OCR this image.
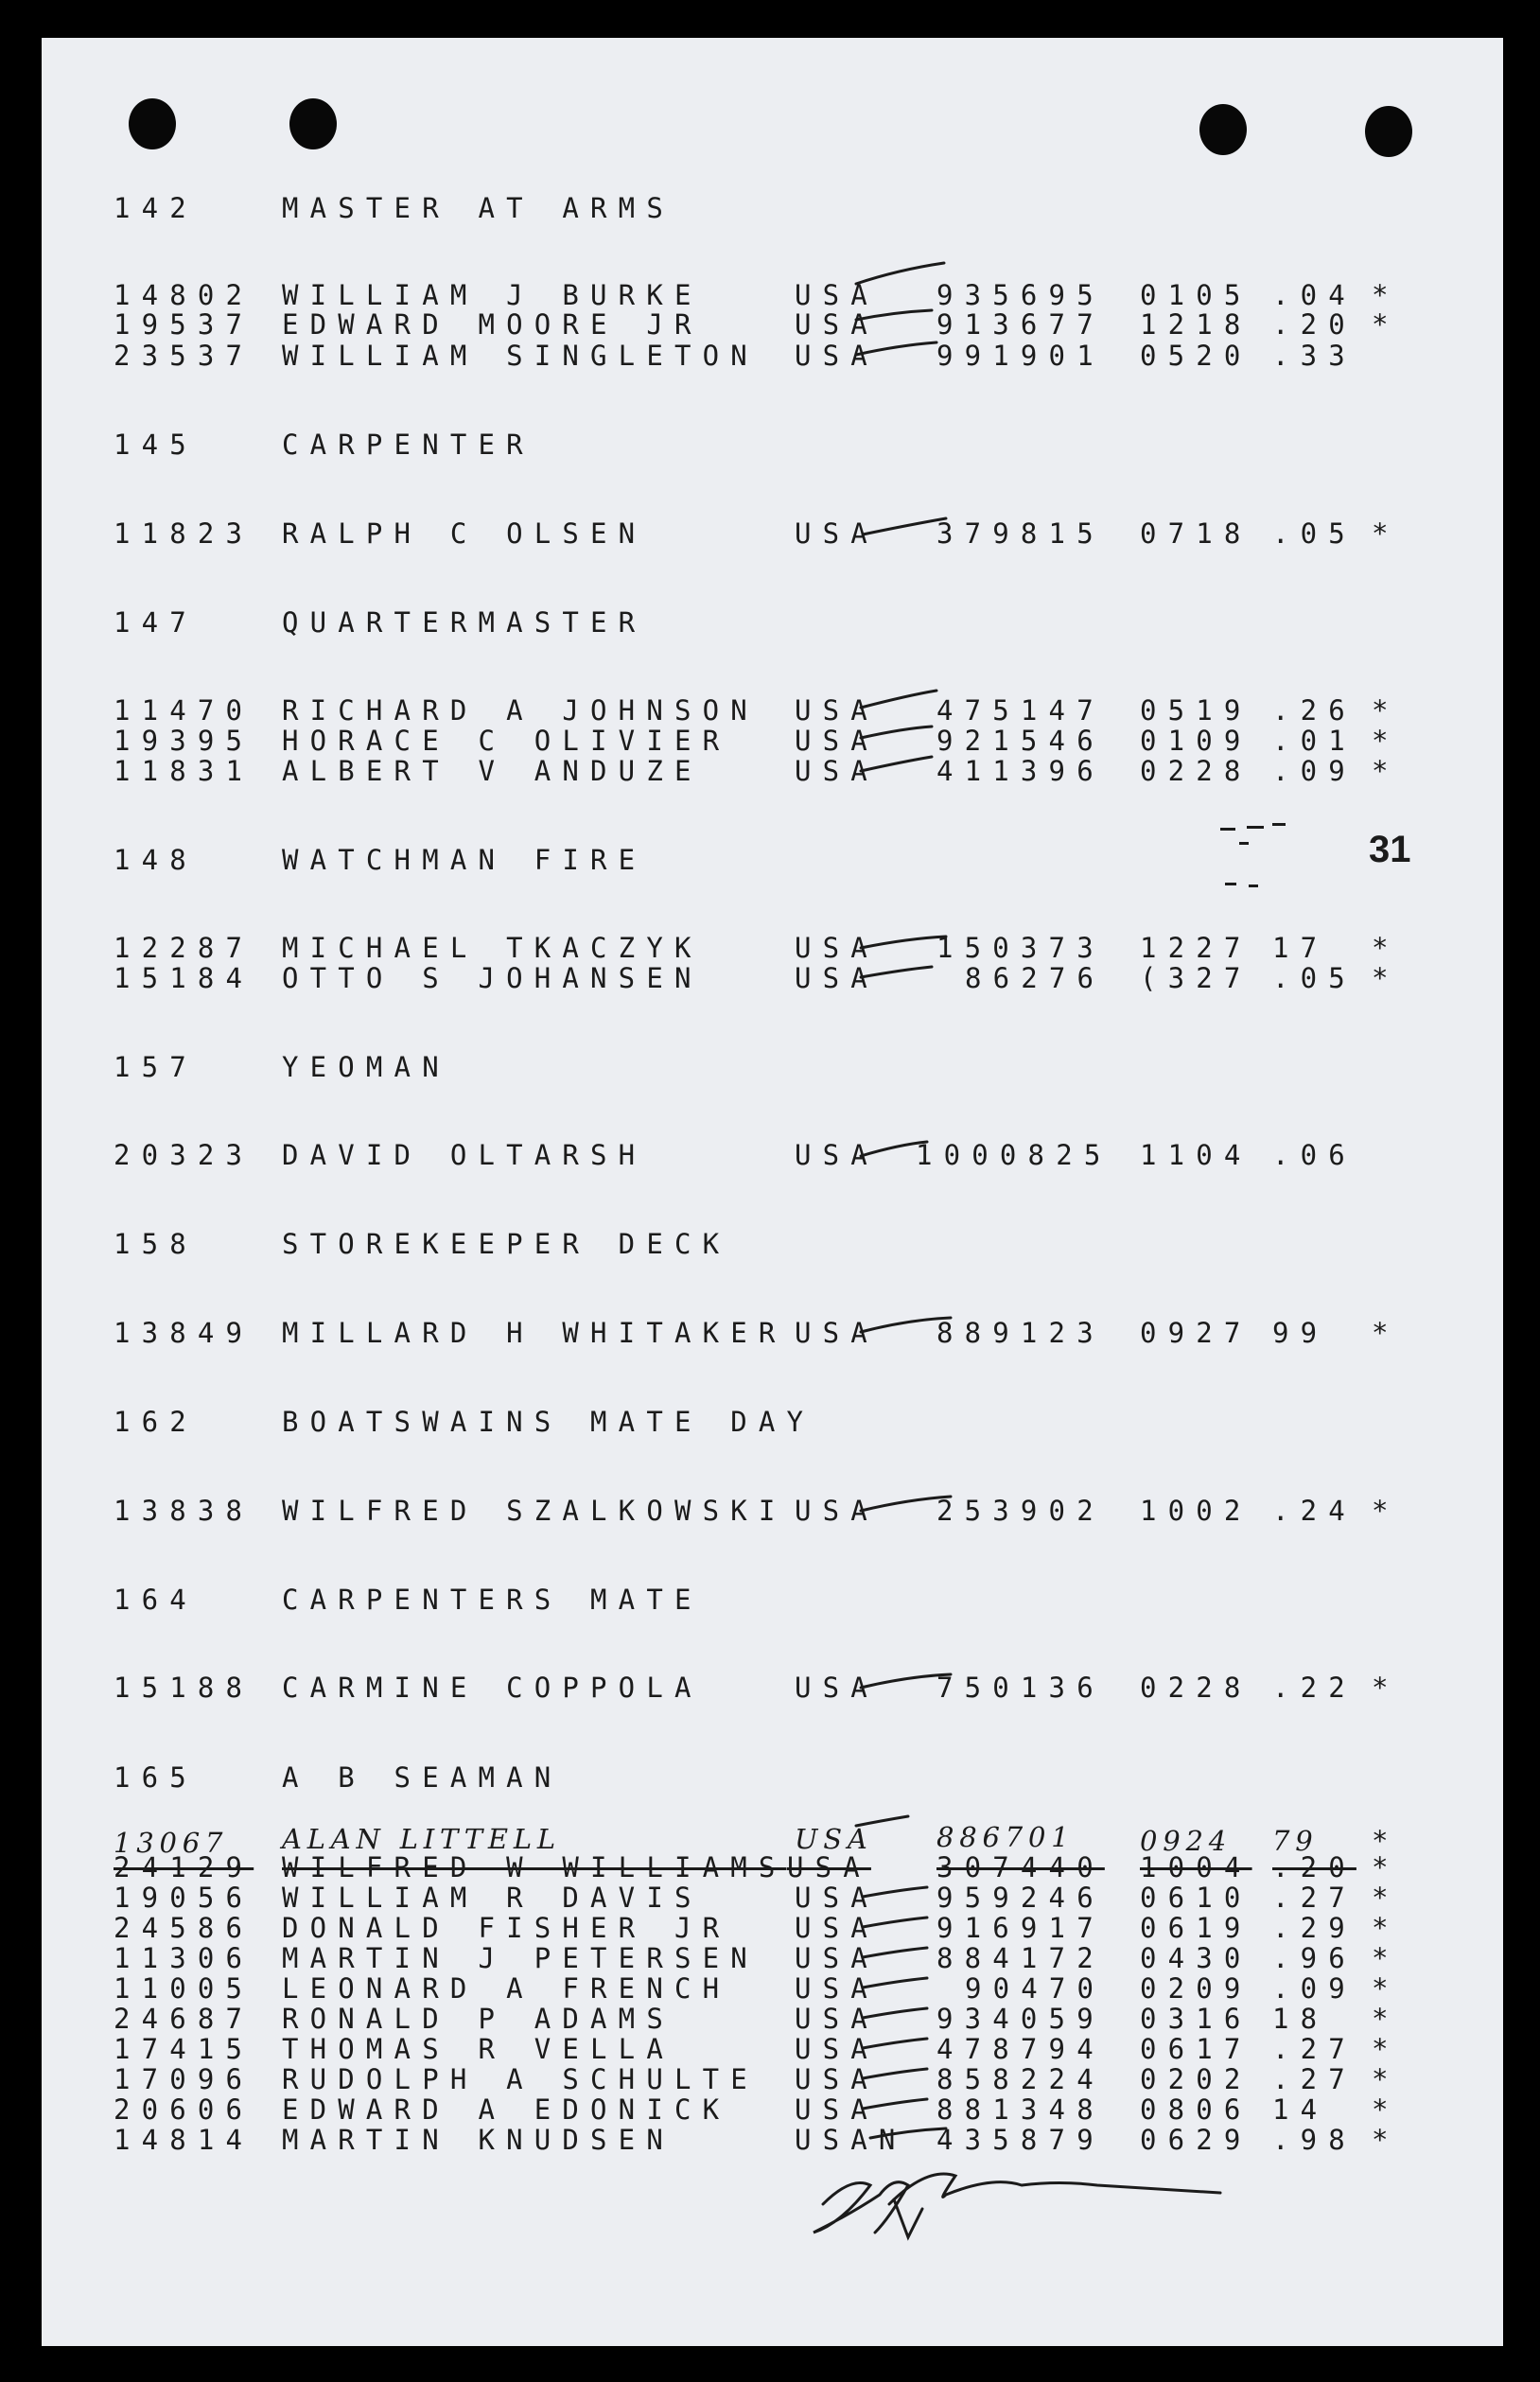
31
142	MASTER AT ARMS
14802 WILLIAM J BURKE	USA 935695 0105 .04 *
19537 EDWARD MOORE JR	USA 913677 1218 .20 *
23537 WILLIAM SINGLETON USA 991901 0520 .33
145	CARPENTER
11823 RALPH C OLSEN	USA 379815 0718 .05 *
147	QUARTERMASTER
11470 RICHARD A JOHNSON USA 475147 0519 .26 *
19395 HORACE C OLIVIER USA 921546 0109 .01 *
11831 ALBERT V ANDUZE	USA 411396 0228 .09 *
148	WATCHMAN FIRE
12287 MICHAEL TKACZYK	USA 150373 1227 17 *
15184 OTTO S JOHANSEN	USA	86276 (327 .05 *
157	YEOMAN
20323 DAVID OLTARSH	USA 1000825 1104 .06
158	STOREKEEPER DECK
13849 MILLARD H WHITAKER USA 889123 0927 99 *
162	BOATSWAINS MATE DAY
13838 WILFRED SZALKOWSKI USA 253902 1002 .24 *
164	CARPENTERS MATE
15188 CARMINE COPPOLA	USA 750136 0228 .22 *
165	A B SEAMAN
13067 ALAN LITTELL	USA 886701 0924 79 *
24129 WILFRED W WILLIAMS USA 307440 1004 .20 *
19056 WILLIAM R DAVIS	USA 959246 0610 .27 *
24586 DONALD FISHER JR USA 916917 0619 .29 *
11306 MARTIN J PETERSEN USA 884172 0430 .96 *
11005 LEONARD A FRENCH USA	90470 0209 .09 *
24687 RONALD P ADAMS	USA 934059 0316 18 *
17415 THOMAS R VELLA	USA 478794 0617 .27 *
17096 RUDOLPH A SCHULTE USA 858224 0202 .27 *
20606 EDWARD A EDONICK USA 881348 0806 14 *
14814 MARTIN KNUDSEN	USAN 435879 0629 .98 *
